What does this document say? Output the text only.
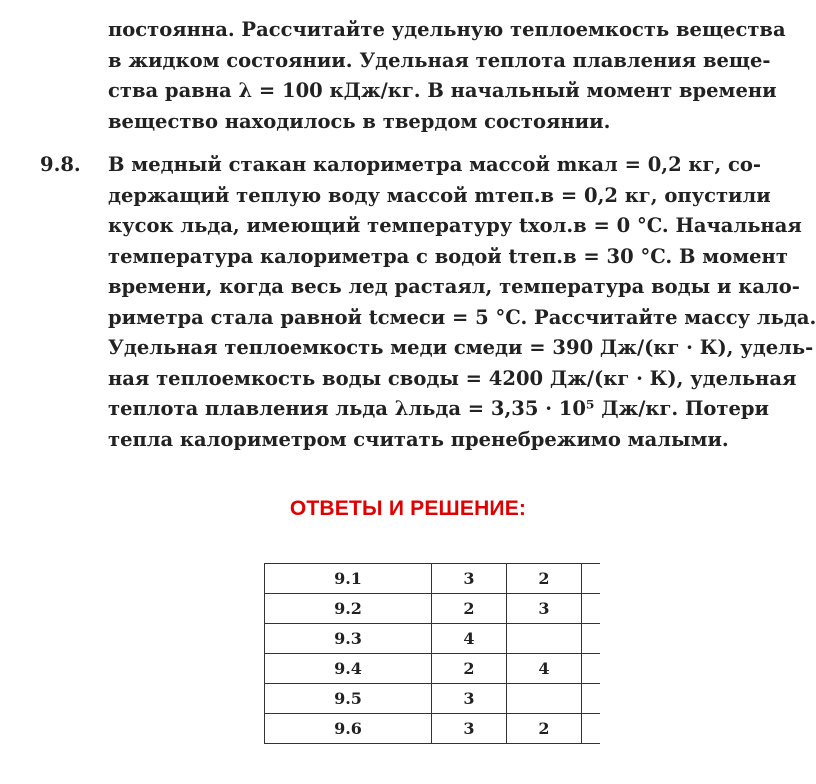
постоянна. Рассчитайте удельную теплоемкость вещества
в жидком состоянии. Удельная теплота плавления веще-
ства равна λ = 100 кДж/кг. В начальный момент времени
вещество находилось в твердом состоянии.
9.8. В медный стакан калориметра массой mкал = 0,2 кг, со-
держащий теплую воду массой mтеп.в = 0,2 кг, опустили
кусок льда, имеющий температуру tхол.в = 0 °C. Начальная
температура калориметра с водой tтеп.в = 30 °C. В момент
времени, когда весь лед растаял, температура воды и кало-
риметра стала равной tсмеси = 5 °C. Рассчитайте массу льда.
Удельная теплоемкость меди cмеди = 390 Дж/(кг · К), удель-
ная теплоемкость воды своды = 4200 Дж/(кг · К), удельная
теплота плавления льда λльда = 3,35 · 10⁵ Дж/кг. Потери
тепла калориметром считать пренебрежимо малыми.
ОТВЕТЫ И РЕШЕНИЕ:
9.1	3	2	
9.2	2	3	
9.3	4		
9.4	2	4	
9.5	3		
9.6	3	2	
